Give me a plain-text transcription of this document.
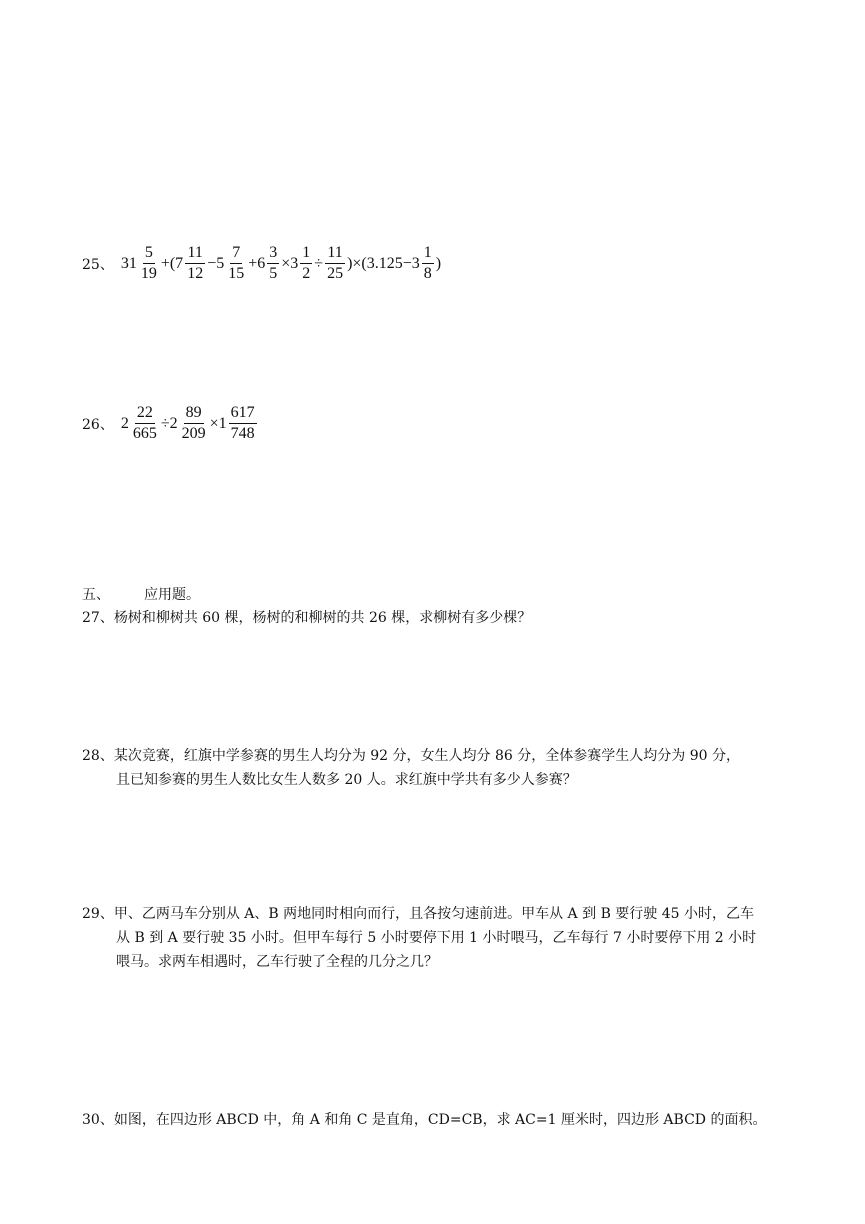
25、 $31 \frac{5}{19} +(7 \frac{11}{12} -5 \frac{7}{15} +6 \frac{3}{5} \times 3 \frac{1}{2} \div \frac{11}{25} )\times(3.125-3 \frac{1}{8}$ )
26、 $2 \frac{22}{665} \div 2 \frac{89}{209} \times 1 \frac{617}{748}$
五、 应用题。
27、杨树和柳树共 60 棵，杨树的和柳树的共 26 棵，求柳树有多少棵？
28、某次竞赛，红旗中学参赛的男生人均分为 92 分，女生人均分 86 分，全体参赛学生人均分为 90 分，
且已知参赛的男生人数比女生人数多 20 人。求红旗中学共有多少人参赛？
29、甲、乙两马车分别从 A、B 两地同时相向而行，且各按匀速前进。甲车从 A 到 B 要行驶 45 小时，乙车
从 B 到 A 要行驶 35 小时。但甲车每行 5 小时要停下用 1 小时喂马，乙车每行 7 小时要停下用 2 小时
喂马。求两车相遇时，乙车行驶了全程的几分之几？
30、如图，在四边形 ABCD 中，角 A 和角 C 是直角，CD=CB，求 AC=1 厘米时，四边形 ABCD 的面积。
